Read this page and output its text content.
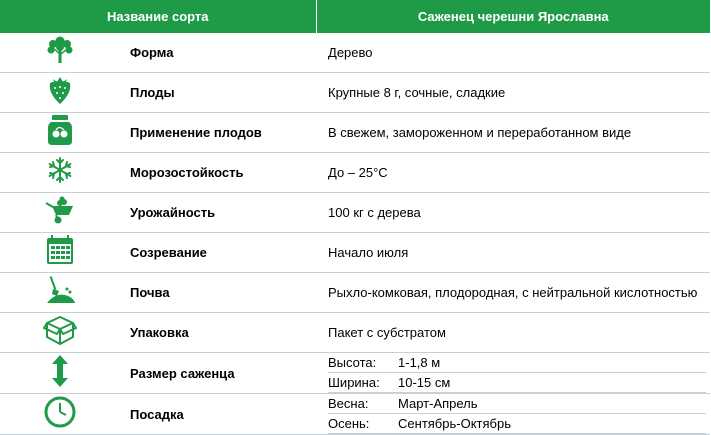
Название сорта	Саженец черешни Ярославна

	Форма	Дерево

	Плоды	Крупные 8 г, сочные, сладкие

	Применение плодов	В свежем, замороженном и переработанном виде

	Морозостойкость	До – 25°С

	Урожайность	100 кг с дерева

	Созревание	Начало июля

	Почва	Рыхло-комковая, плодородная, с нейтральной кислотностью

	Упаковка	Пакет с субстратом

	Размер саженца	
Высота:	1-1,8 м
Ширина:	10-15 см

	Посадка	
Весна:	Март-Апрель
Осень:	Сентябрь-Октябрь
